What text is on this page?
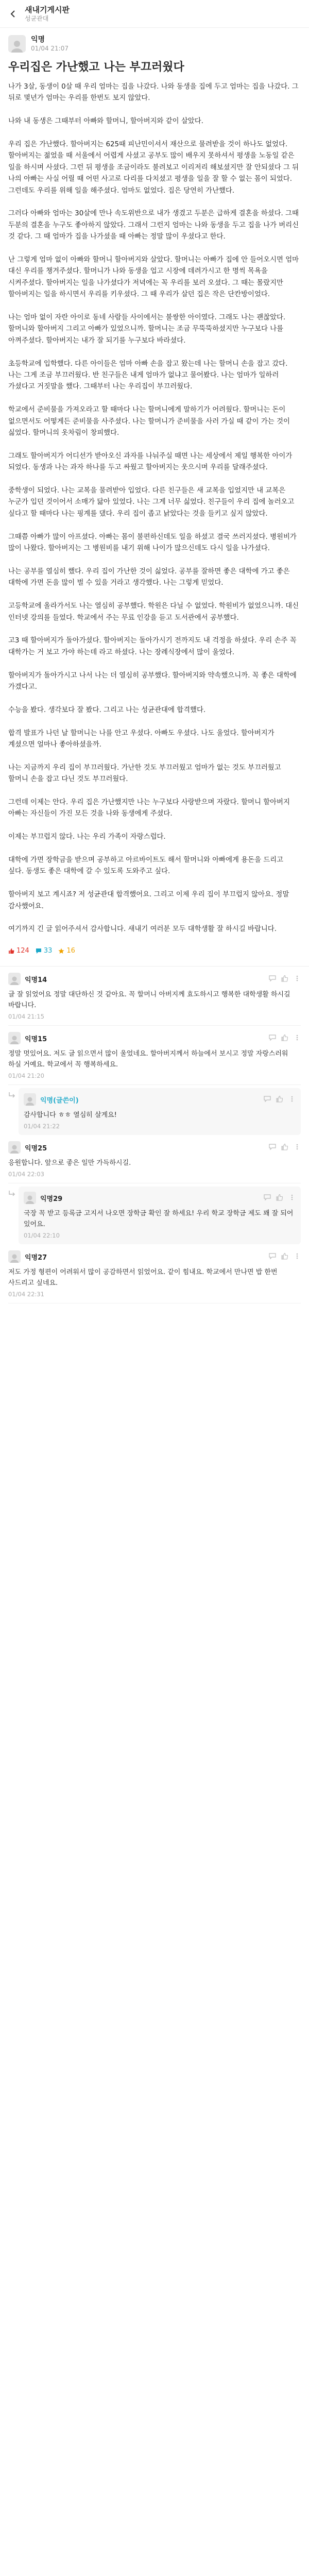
새내기게시판
성균관대
익명
01/04 21:07
우리집은 가난했고 나는 부끄러웠다

나가 3살, 동생이 0살 때 우리 엄마는 집을 나갔다. 나와 동생을 집에 두고 엄마는 집을 나갔다. 그 뒤로 몇년가 엄마는 우리를 한번도 보지 않았다.

나와 내 동생은 그때부터 아빠와 할머니, 할아버지와 같이 살았다.

우리 집은 가난했다. 할아버지는 625때 피난민이셔서 재산으로 물려받을 것이 하나도 없었다. 할아버지는 젊었을 때 서울에서 어렵게 사셨고 공부도 많이 배우지 못하셔서 평생을 노동일 같은 일을 하시며 사셨다. 그런 뒤 평생을 조금이라도 불려보고 이리저리 해보셨지만 잘 안되셨다 그 뒤 나의 아빠는 사실 어릴 때 어떤 사고로 다리를 다치셨고 평생을 일을 잘 할 수 없는 몸이 되었다. 그런데도 우리를 위해 일을 해주셨다. 엄마도 없었다. 집은 당연히 가난했다.

그러다 아빠와 엄마는 30살에 만나 속도위반으로 내가 생겼고 두분은 급하게 결혼을 하셨다. 그때 두분의 결혼을 누구도 좋아하지 않았다. 그래서 그런지 엄마는 나와 동생을 두고 집을 나가 버리신 것 같다. 그 때 엄마가 집을 나가셨을 때 아빠는 정말 많이 우셨다고 한다.

난 그렇게 엄마 없이 아빠와 할머니 할아버지와 살았다. 할머니는 아빠가 집에 안 들어오시면 엄마 대신 우리를 챙겨주셨다. 할머니가 나와 동생을 업고 시장에 데려가시고 한 명씩 목욕을 시켜주셨다. 할아버지는 일을 나가셨다가 저녁에는 꼭 우리를 보러 오셨다. 그 때는 몰랐지만 할아버지는 일을 하시면서 우리를 키우셨다. 그 때 우리가 살던 집은 작은 단칸방이었다.

나는 엄마 없이 자란 아이로 동네 사람들 사이에서는 불쌍한 아이였다. 그래도 나는 괜찮았다. 할머니와 할아버지 그리고 아빠가 있었으니까. 할머니는 조금 무뚝뚝하셨지만 누구보다 나를 아껴주셨다. 할아버지는 내가 잘 되기를 누구보다 바라셨다.

초등학교에 입학했다. 다른 아이들은 엄마 아빠 손을 잡고 왔는데 나는 할머니 손을 잡고 갔다. 나는 그게 조금 부끄러웠다. 반 친구들은 내게 엄마가 없냐고 물어봤다. 나는 엄마가 일하러 가셨다고 거짓말을 했다. 그때부터 나는 우리집이 부끄러웠다.

학교에서 준비물을 가져오라고 할 때마다 나는 할머니에게 말하기가 어려웠다. 할머니는 돈이 없으면서도 어떻게든 준비물을 사주셨다. 나는 할머니가 준비물을 사러 가실 때 같이 가는 것이 싫었다. 할머니의 옷차림이 창피했다.

그래도 할아버지가 어디선가 받아오신 과자를 나눠주실 때면 나는 세상에서 제일 행복한 아이가 되었다. 동생과 나는 과자 하나를 두고 싸웠고 할아버지는 웃으시며 우리를 달래주셨다.

중학생이 되었다. 나는 교복을 물려받아 입었다. 다른 친구들은 새 교복을 입었지만 내 교복은 누군가 입던 것이어서 소매가 닳아 있었다. 나는 그게 너무 싫었다. 친구들이 우리 집에 놀러오고 싶다고 할 때마다 나는 핑계를 댔다. 우리 집이 좁고 낡았다는 것을 들키고 싶지 않았다.

그때쯤 아빠가 많이 아프셨다. 아빠는 몸이 불편하신데도 일을 하셨고 결국 쓰러지셨다. 병원비가 많이 나왔다. 할아버지는 그 병원비를 내기 위해 나이가 많으신데도 다시 일을 나가셨다.

나는 공부를 열심히 했다. 우리 집이 가난한 것이 싫었다. 공부를 잘하면 좋은 대학에 가고 좋은 대학에 가면 돈을 많이 벌 수 있을 거라고 생각했다. 나는 그렇게 믿었다.

고등학교에 올라가서도 나는 열심히 공부했다. 학원은 다닐 수 없었다. 학원비가 없었으니까. 대신 인터넷 강의를 들었다. 학교에서 주는 무료 인강을 듣고 도서관에서 공부했다.

고3 때 할아버지가 돌아가셨다. 할아버지는 돌아가시기 전까지도 내 걱정을 하셨다. 우리 손주 꼭 대학가는 거 보고 가야 하는데 라고 하셨다. 나는 장례식장에서 많이 울었다.

할아버지가 돌아가시고 나서 나는 더 열심히 공부했다. 할아버지와 약속했으니까. 꼭 좋은 대학에 가겠다고.

수능을 봤다. 생각보다 잘 봤다. 그리고 나는 성균관대에 합격했다.

합격 발표가 나던 날 할머니는 나를 안고 우셨다. 아빠도 우셨다. 나도 울었다. 할아버지가 계셨으면 얼마나 좋아하셨을까.

나는 지금까지 우리 집이 부끄러웠다. 가난한 것도 부끄러웠고 엄마가 없는 것도 부끄러웠고 할머니 손을 잡고 다닌 것도 부끄러웠다.

그런데 이제는 안다. 우리 집은 가난했지만 나는 누구보다 사랑받으며 자랐다. 할머니 할아버지 아빠는 자신들이 가진 모든 것을 나와 동생에게 주셨다.

이제는 부끄럽지 않다. 나는 우리 가족이 자랑스럽다.

대학에 가면 장학금을 받으며 공부하고 아르바이트도 해서 할머니와 아빠에게 용돈을 드리고 싶다. 동생도 좋은 대학에 갈 수 있도록 도와주고 싶다.

할아버지 보고 계시죠? 저 성균관대 합격했어요. 그리고 이제 우리 집이 부끄럽지 않아요. 정말 감사했어요.

여기까지 긴 글 읽어주셔서 감사합니다. 새내기 여러분 모두 대학생활 잘 하시길 바랍니다.

124 33 16
익명14
글 잘 읽었어요 정말 대단하신 것 같아요. 꼭 할머니 아버지께 효도하시고 행복한 대학생활 하시길 바랍니다.
01/04 21:15
익명15
정말 멋있어요. 저도 글 읽으면서 많이 울었네요. 할아버지께서 하늘에서 보시고 정말 자랑스러워 하실 거예요. 학교에서 꼭 행복하세요.
01/04 21:20
익명(글쓴이)
감사합니다 ㅎㅎ 열심히 살게요!
01/04 21:22
익명25
응원합니다. 앞으로 좋은 일만 가득하시길.
01/04 22:03
익명29
국장 꼭 받고 등록금 고지서 나오면 장학금 확인 잘 하세요! 우리 학교 장학금 제도 꽤 잘 되어 있어요.
01/04 22:10
익명27
저도 가정 형편이 어려워서 많이 공감하면서 읽었어요. 같이 힘내요. 학교에서 만나면 밥 한번 사드리고 싶네요.
01/04 22:31
